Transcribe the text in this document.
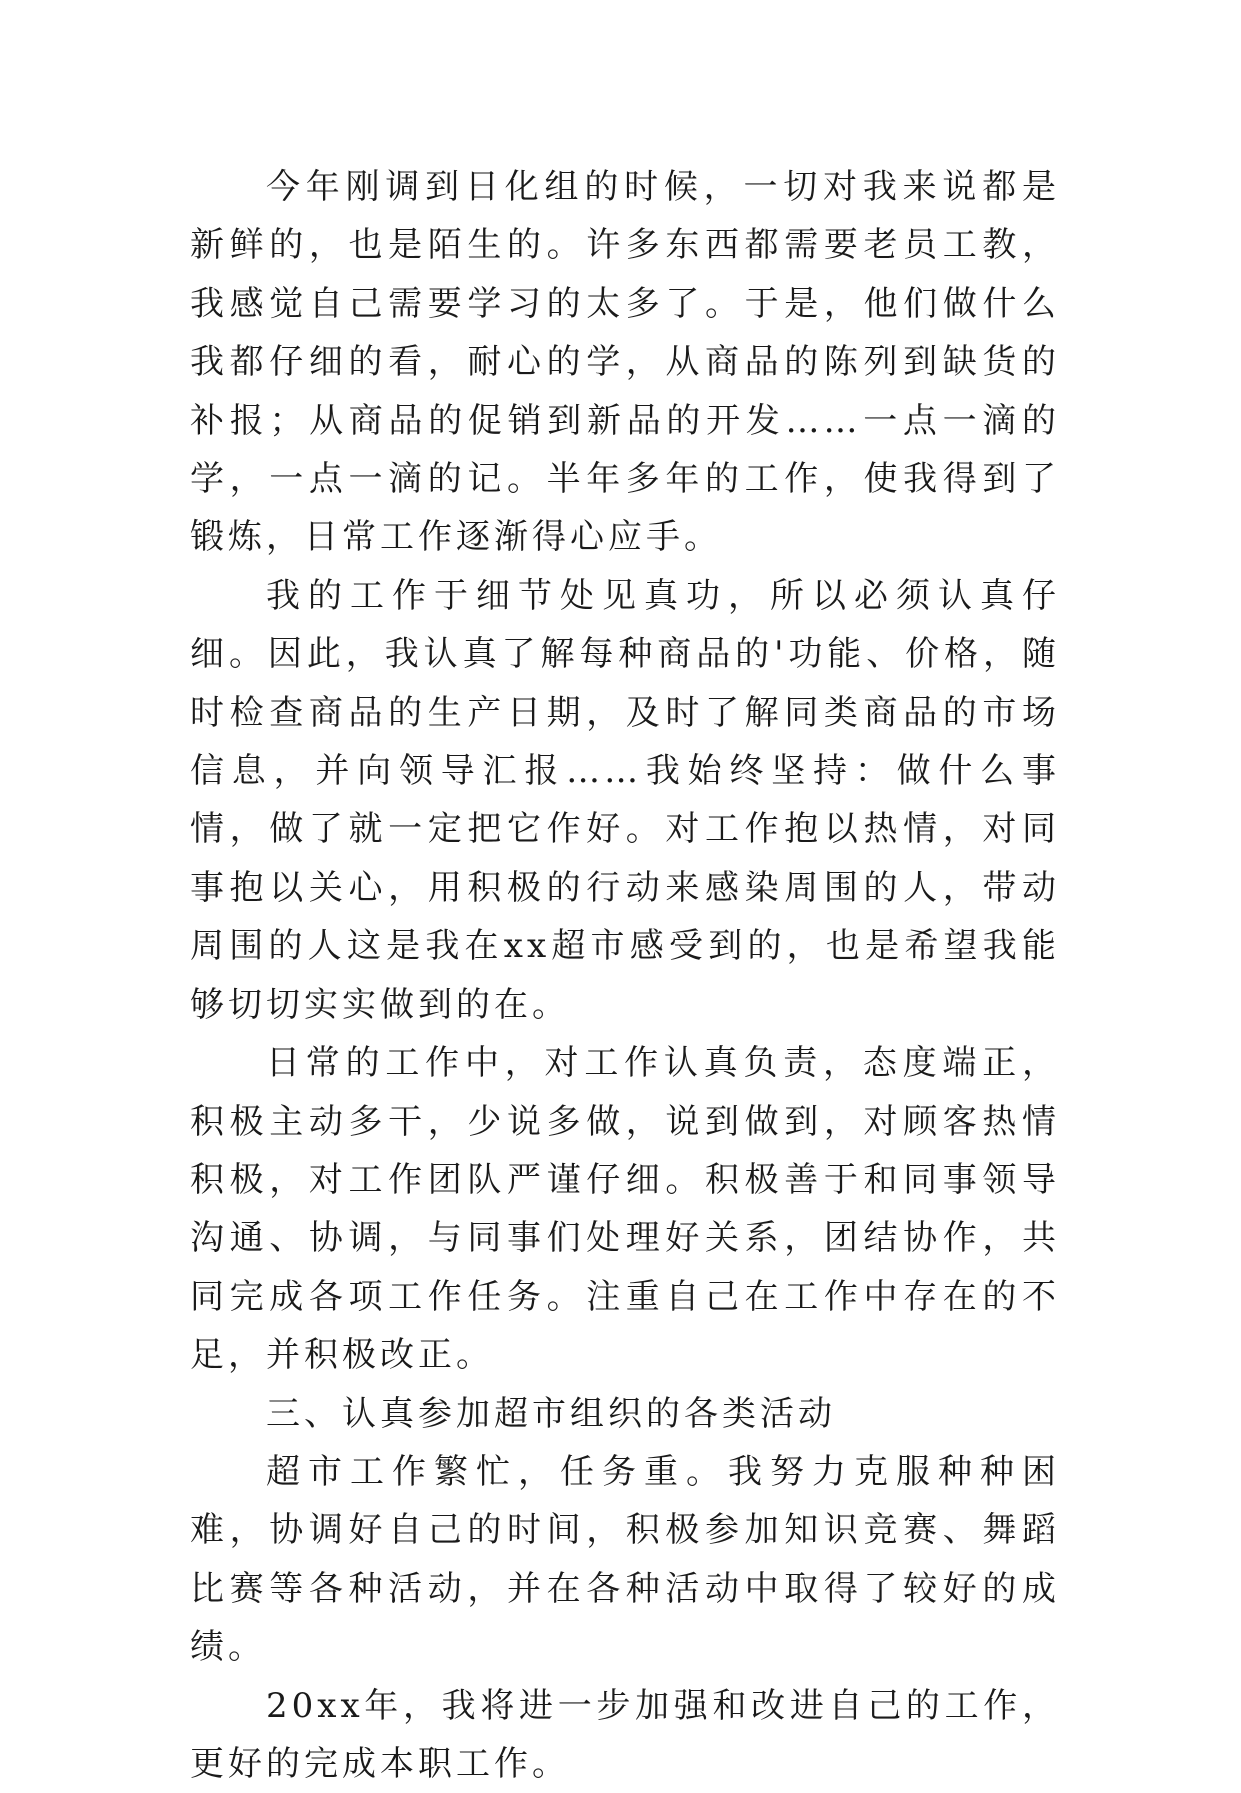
今年刚调到日化组的时候，一切对我来说都是新鲜的，也是陌生的。许多东西都需要老员工教，我感觉自己需要学习的太多了。于是，他们做什么我都仔细的看，耐心的学，从商品的陈列到缺货的补报；从商品的促销到新品的开发……一点一滴的学，一点一滴的记。半年多年的工作，使我得到了锻炼，日常工作逐渐得心应手。

我的工作于细节处见真功，所以必须认真仔细。因此，我认真了解每种商品的'功能、价格，随时检查商品的生产日期，及时了解同类商品的市场信息，并向领导汇报……我始终坚持：做什么事情，做了就一定把它作好。对工作抱以热情，对同事抱以关心，用积极的行动来感染周围的人，带动周围的人这是我在xx超市感受到的，也是希望我能够切切实实做到的在。

日常的工作中，对工作认真负责，态度端正，积极主动多干，少说多做，说到做到，对顾客热情积极，对工作团队严谨仔细。积极善于和同事领导沟通、协调，与同事们处理好关系，团结协作，共同完成各项工作任务。注重自己在工作中存在的不足，并积极改正。

三、认真参加超市组织的各类活动

超市工作繁忙，任务重。我努力克服种种困难，协调好自己的时间，积极参加知识竞赛、舞蹈比赛等各种活动，并在各种活动中取得了较好的成绩。

20xx年，我将进一步加强和改进自己的工作，更好的完成本职工作。
